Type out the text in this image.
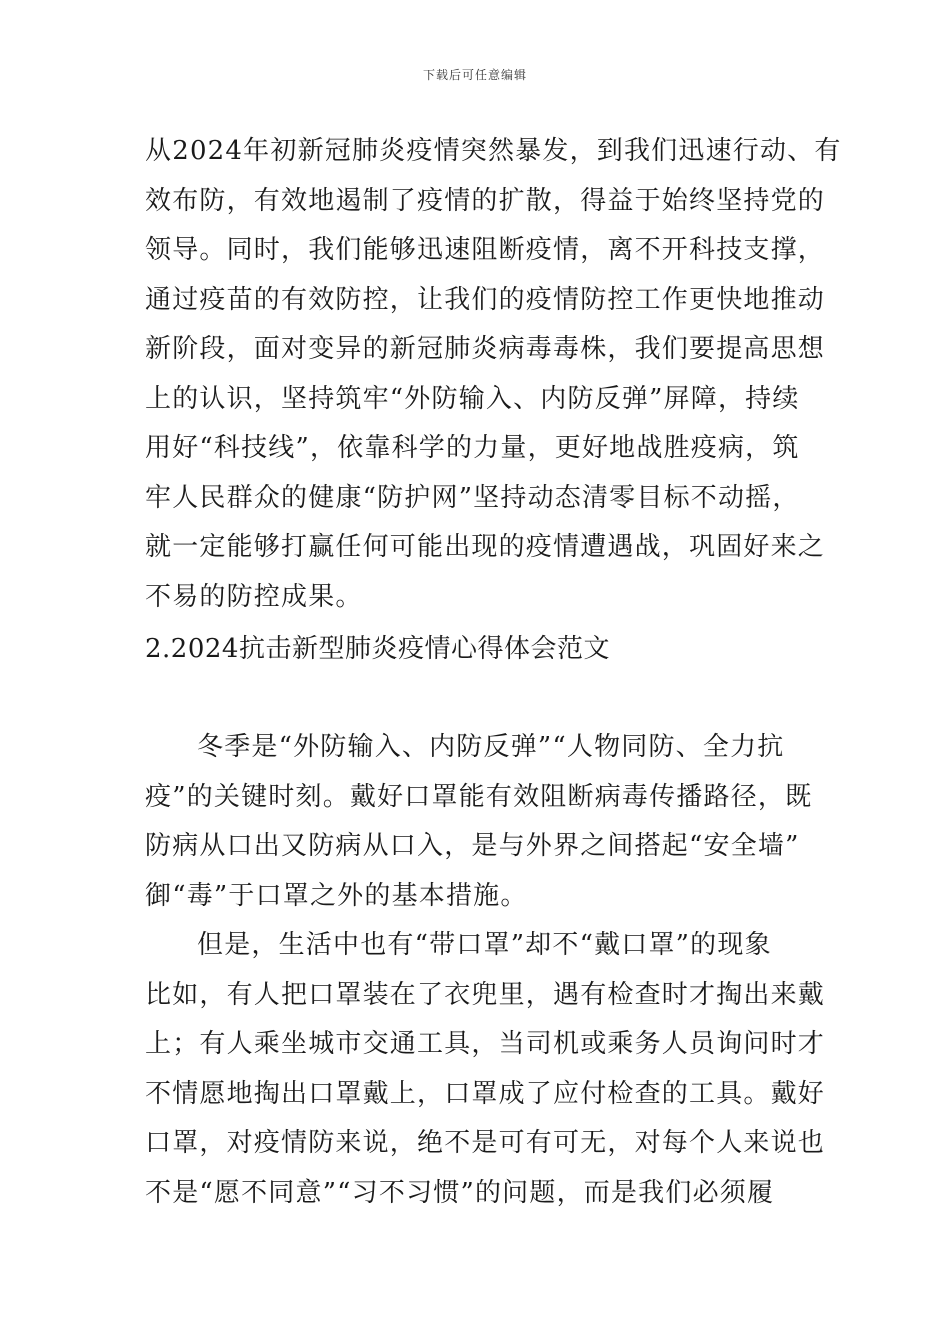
下载后可任意编辑
从2024年初新冠肺炎疫情突然暴发，到我们迅速行动、有
效布防，有效地遏制了疫情的扩散，得益于始终坚持党的
领导。同时，我们能够迅速阻断疫情，离不开科技支撑，
通过疫苗的有效防控，让我们的疫情防控工作更快地推动
新阶段，面对变异的新冠肺炎病毒毒株，我们要提高思想
上的认识，坚持筑牢“外防输入、内防反弹”屏障，持续
用好“科技线”，依靠科学的力量，更好地战胜疫病，筑
牢人民群众的健康“防护网”坚持动态清零目标不动摇，
就一定能够打赢任何可能出现的疫情遭遇战，巩固好来之
不易的防控成果。
2.2024抗击新型肺炎疫情心得体会范文
冬季是“外防输入、内防反弹”“人物同防、全力抗
疫”的关键时刻。戴好口罩能有效阻断病毒传播路径，既
防病从口出又防病从口入，是与外界之间搭起“安全墙”
御“毒”于口罩之外的基本措施。
但是，生活中也有“带口罩”却不“戴口罩”的现象
比如，有人把口罩装在了衣兜里，遇有检查时才掏出来戴
上；有人乘坐城市交通工具，当司机或乘务人员询问时才
不情愿地掏出口罩戴上，口罩成了应付检查的工具。戴好
口罩，对疫情防来说，绝不是可有可无，对每个人来说也
不是“愿不同意”“习不习惯”的问题，而是我们必须履
